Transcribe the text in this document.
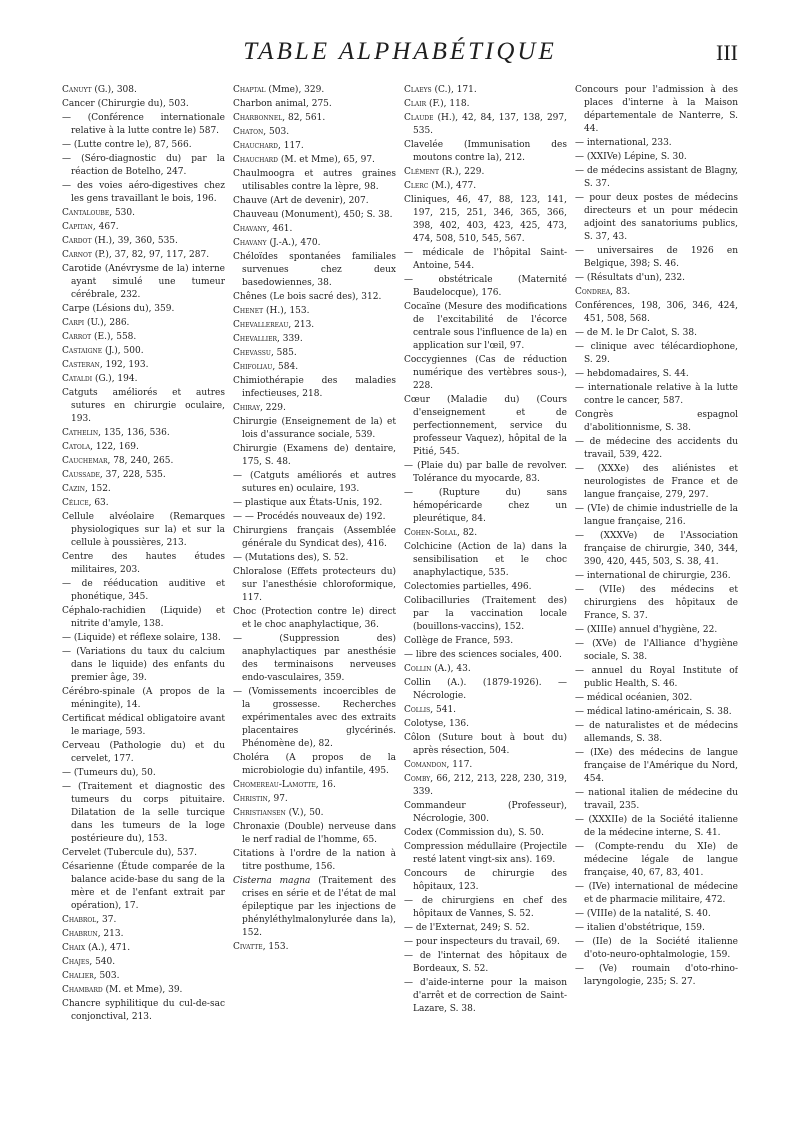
TABLE ALPHABÉTIQUE	III

Canuyt (G.), 308.

Cancer (Chirurgie du), 503.

— (Conférence internationale relative à la lutte contre le) 587.

— (Lutte contre le), 87, 566.

— (Séro-diagnostic du) par la réaction de Botelho, 247.

— des voies aéro-digestives chez les gens travaillant le bois, 196.

Cantaloube, 530.

Capitan, 467.

Cardot (H.), 39, 360, 535.

Carnot (P.), 37, 82, 97, 117, 287.

Carotide (Anévrysme de la) interne ayant simulé une tumeur cérébrale, 232.

Carpe (Lésions du), 359.

Carpi (U.), 286.

Carrot (E.), 558.

Castaigne (J.), 500.

Casteran, 192, 193.

Cataldi (G.), 194.

Catguts améliorés et autres sutures en chirurgie oculaire, 193.

Cathelin, 135, 136, 536.

Catola, 122, 169.

Cauchemar, 78, 240, 265.

Caussade, 37, 228, 535.

Cazin, 152.

Célice, 63.

Cellule alvéolaire (Remarques physiologiques sur la) et sur la cellule à poussières, 213.

Centre des hautes études militaires, 203.

— de rééducation auditive et phonétique, 345.

Céphalo-rachidien (Liquide) et nitrite d'amyle, 138.

— (Liquide) et réflexe solaire, 138.

— (Variations du taux du calcium dans le liquide) des enfants du premier âge, 39.

Cérébro-spinale (A propos de la méningite), 14.

Certificat médical obligatoire avant le mariage, 593.

Cerveau (Pathologie du) et du cervelet, 177.

— (Tumeurs du), 50.

— (Traitement et diagnostic des tumeurs du corps pituitaire. Dilatation de la selle turcique dans les tumeurs de la loge postérieure du), 153.

Cervelet (Tubercule du), 537.

Césarienne (Étude comparée de la balance acide-base du sang de la mère et de l'enfant extrait par opération), 17.

Chabrol, 37.

Chabrun, 213.

Chaix (A.), 471.

Chajes, 540.

Chalier, 503.

Chambard (M. et Mme), 39.

Chancre syphilitique du cul-de-sac conjonctival, 213.

Chaptal (Mme), 329.

Charbon animal, 275.

Charbonnel, 82, 561.

Chaton, 503.

Chauchard, 117.

Chauchard (M. et Mme), 65, 97.

Chaulmoogra et autres graines utilisables contre la lèpre, 98.

Chauve (Art de devenir), 207.

Chauveau (Monument), 450; S. 38.

Chavany, 461.

Chavany (J.-A.), 470.

Chéloïdes spontanées familiales survenues chez deux basedowiennes, 38.

Chênes (Le bois sacré des), 312.

Chenet (H.), 153.

Chevallereau, 213.

Chevallier, 339.

Chevassu, 585.

Chifoliau, 584.

Chimiothérapie des maladies infectieuses, 218.

Chiray, 229.

Chirurgie (Enseignement de la) et lois d'assurance sociale, 539.

Chirurgie (Examens de) dentaire, 175, S. 48.

— (Catguts améliorés et autres sutures en) oculaire, 193.

— plastique aux États-Unis, 192.

— — Procédés nouveaux de) 192.

Chirurgiens français (Assemblée générale du Syndicat des), 416.

— (Mutations des), S. 52.

Chloralose (Effets protecteurs du) sur l'anesthésie chloroformique, 117.

Choc (Protection contre le) direct et le choc anaphylactique, 36.

— (Suppression des) anaphylactiques par anesthésie des terminaisons nerveuses endo-vasculaires, 359.

— (Vomissements incoercibles de la grossesse. Recherches expérimentales avec des extraits placentaires glycérinés. Phénomène de), 82.

Choléra (A propos de la microbiologie du) infantile, 495.

Chomereau-Lamotte, 16.

Christin, 97.

Christiansen (V.), 50.

Chronaxie (Double) nerveuse dans le nerf radial de l'homme, 65.

Citations à l'ordre de la nation à titre posthume, 156.

Cisterna magna (Traitement des crises en série et de l'état de mal épileptique par les injections de phényléthylmalonylurée dans la), 152.

Civatte, 153.

Claeys (C.), 171.

Clair (F.), 118.

Claude (H.), 42, 84, 137, 138, 297, 535.

Clavelée (Immunisation des moutons contre la), 212.

Clément (R.), 229.

Clerc (M.), 477.

Cliniques, 46, 47, 88, 123, 141, 197, 215, 251, 346, 365, 366, 398, 402, 403, 423, 425, 473, 474, 508, 510, 545, 567.

— médicale de l'hôpital Saint-Antoine, 544.

— obstétricale (Maternité Baudelocque), 176.

Cocaïne (Mesure des modifications de l'excitabilité de l'écorce centrale sous l'influence de la) en application sur l'œil, 97.

Coccygiennes (Cas de réduction numérique des vertèbres sous-), 228.

Cœur (Maladie du) (Cours d'enseignement et de perfectionnement, service du professeur Vaquez), hôpital de la Pitié, 545.

— (Plaie du) par balle de revolver. Tolérance du myocarde, 83.

— (Rupture du) sans hémopéricarde chez un pleurétique, 84.

Cohen-Solal, 82.

Colchicine (Action de la) dans la sensibilisation et le choc anaphylactique, 535.

Colectomies partielles, 496.

Colibacilluries (Traitement des) par la vaccination locale (bouillons-vaccins), 152.

Collège de France, 593.

— libre des sciences sociales, 400.

Collin (A.), 43.

Collin (A.). (1879-1926). — Nécrologie.

Collis, 541.

Colotyse, 136.

Côlon (Suture bout à bout du) après résection, 504.

Comandon, 117.

Comby, 66, 212, 213, 228, 230, 319, 339.

Commandeur (Professeur), Nécrologie, 300.

Codex (Commission du), S. 50.

Compression médullaire (Projectile resté latent vingt-six ans). 169.

Concours de chirurgie des hôpitaux, 123.

— de chirurgiens en chef des hôpitaux de Vannes, S. 52.

— de l'Externat, 249; S. 52.

— pour inspecteurs du travail, 69.

— de l'internat des hôpitaux de Bordeaux, S. 52.

— d'aide-interne pour la maison d'arrêt et de correction de Saint-Lazare, S. 38.

Concours pour l'admission à des places d'interne à la Maison départementale de Nanterre, S. 44.

— international, 233.

— (XXIVe) Lépine, S. 30.

— de médecins assistant de Blagny, S. 37.

— pour deux postes de médecins directeurs et un pour médecin adjoint des sanatoriums publics, S. 37, 43.

— universaires de 1926 en Belgique, 398; S. 46.

— (Résultats d'un), 232.

Condrea, 83.

Conférences, 198, 306, 346, 424, 451, 508, 568.

— de M. le Dr Calot, S. 38.

— clinique avec télécardiophone, S. 29.

— hebdomadaires, S. 44.

— internationale relative à la lutte contre le cancer, 587.

Congrès espagnol d'abolitionnisme, S. 38.

— de médecine des accidents du travail, 539, 422.

— (XXXe) des aliénistes et neurologistes de France et de langue française, 279, 297.

— (VIe) de chimie industrielle de la langue française, 216.

— (XXXVe) de l'Association française de chirurgie, 340, 344, 390, 420, 445, 503, S. 38, 41.

— international de chirurgie, 236.

— (VIIe) des médecins et chirurgiens des hôpitaux de France, S. 37.

— (XIIIe) annuel d'hygiène, 22.

— (XVe) de l'Alliance d'hygiène sociale, S. 38.

— annuel du Royal Institute of public Health, S. 46.

— médical océanien, 302.

— médical latino-américain, S. 38.

— de naturalistes et de médecins allemands, S. 38.

— (IXe) des médecins de langue française de l'Amérique du Nord, 454.

— national italien de médecine du travail, 235.

— (XXXIIe) de la Société italienne de la médecine interne, S. 41.

— (Compte-rendu du XIe) de médecine légale de langue française, 40, 67, 83, 401.

— (IVe) international de médecine et de pharmacie militaire, 472.

— (VIIIe) de la natalité, S. 40.

— italien d'obstétrique, 159.

— (IIe) de la Société italienne d'oto-neuro-ophtalmologie, 159.

— (Ve) roumain d'oto-rhino-laryngologie, 235; S. 27.
